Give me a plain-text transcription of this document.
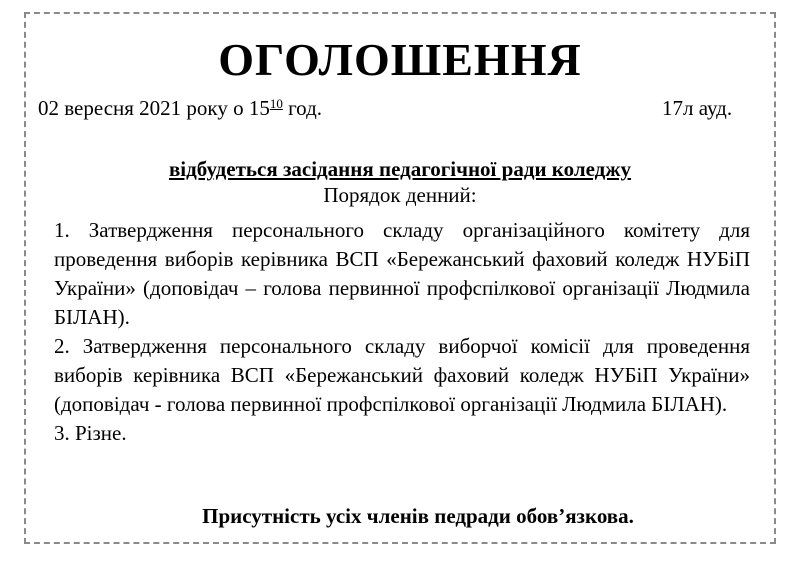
ОГОЛОШЕННЯ
02 вересня 2021 року о $15^{10}$ год.	17л ауд.
відбудеться засідання педагогічної ради коледжу
Порядок денний:

1. Затвердження персонального складу організаційного комітету для проведення виборів керівника ВСП «Бережанський фаховий коледж НУБіП України» (доповідач – голова первинної профспілкової організації Людмила БІЛАН).

2. Затвердження персонального складу виборчої комісії для проведення виборів керівника ВСП «Бережанський фаховий коледж НУБіП України» (доповідач - голова первинної профспілкової організації Людмила БІЛАН).

3. Різне.

Присутність усіх членів педради обов’язкова.
